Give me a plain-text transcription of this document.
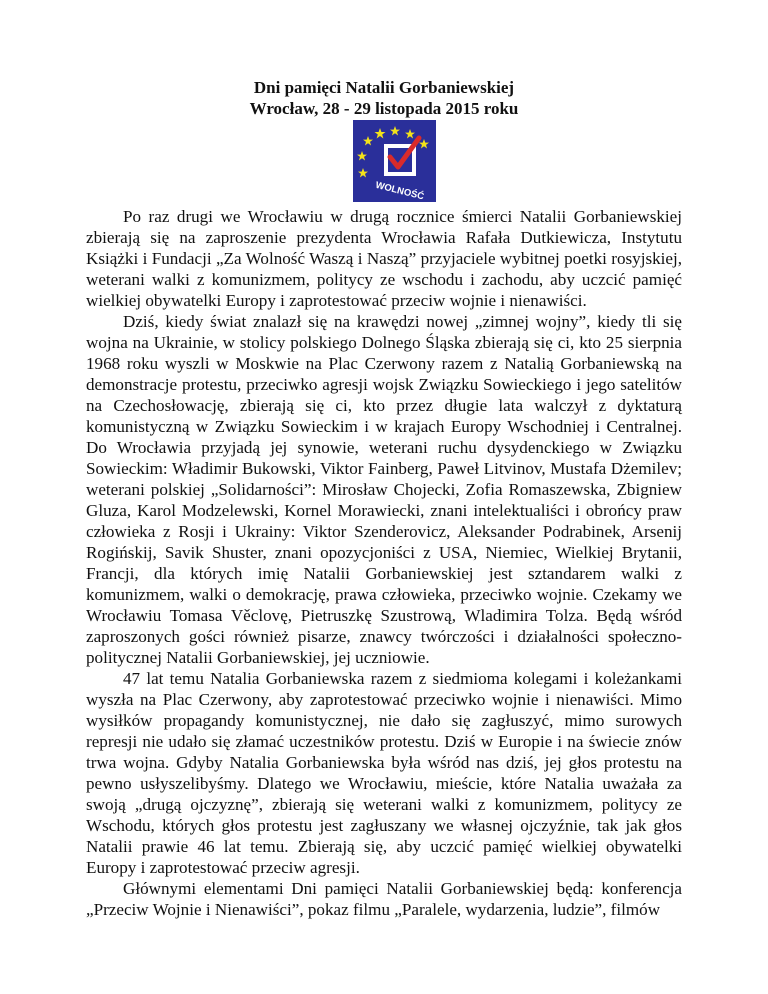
Dni pamięci Natalii Gorbaniewskiej
Wrocław, 28 - 29 listopada 2015 roku
WOLNOŚĆ

Po raz drugi we Wrocławiu w drugą rocznice śmierci Natalii Gorbaniewskiej zbierają się na zaproszenie prezydenta Wrocławia Rafała Dutkiewicza, Instytutu Książki i Fundacji „Za Wolność Waszą i Naszą” przyjaciele wybitnej poetki rosyjskiej, weterani walki z komunizmem, politycy ze wschodu i zachodu, aby uczcić pamięć wielkiej obywatelki Europy i zaprotestować przeciw wojnie i nienawiści.

Dziś, kiedy świat znalazł się na krawędzi nowej „zimnej wojny”, kiedy tli się wojna na Ukrainie, w stolicy polskiego Dolnego Śląska zbierają się ci, kto 25 sierpnia 1968 roku wyszli w Moskwie na Plac Czerwony razem z Natalią Gorbaniewską na demonstracje protestu, przeciwko agresji wojsk Związku Sowieckiego i jego satelitów na Czechosłowację, zbierają się ci, kto przez długie lata walczył z dyktaturą komunistyczną w Związku Sowieckim i w krajach Europy Wschodniej i Centralnej. Do Wrocławia przyjadą jej synowie, weterani ruchu dysydenckiego w Związku Sowieckim: Władimir Bukowski, Viktor Fainberg, Paweł Litvinov, Mustafa Dżemilev; weterani polskiej „Solidarności”: Mirosław Chojecki, Zofia Romaszewska, Zbigniew Gluza, Karol Modzelewski, Kornel Morawiecki, znani intelektualiści i obrońcy praw człowieka z Rosji i Ukrainy: Viktor Szenderovicz, Aleksander Podrabinek, Arsenij Rogińskij, Savik Shuster, znani opozycjoniści z USA, Niemiec, Wielkiej Brytanii, Francji, dla których imię Natalii Gorbaniewskiej jest sztandarem walki z komunizmem, walki o demokrację, prawa człowieka, przeciwko wojnie. Czekamy we Wrocławiu Tomasa Věclovę, Pietruszkę Szustrową, Wladimira Tolza. Będą wśród zaproszonych gości również pisarze, znawcy twórczości i działalności społeczno-politycznej Natalii Gorbaniewskiej, jej uczniowie.

47 lat temu Natalia Gorbaniewska razem z siedmioma kolegami i koleżankami wyszła na Plac Czerwony, aby zaprotestować przeciwko wojnie i nienawiści. Mimo wysiłków propagandy komunistycznej, nie dało się zagłuszyć, mimo surowych represji nie udało się złamać uczestników protestu. Dziś w Europie i na świecie znów trwa wojna. Gdyby Natalia Gorbaniewska była wśród nas dziś, jej głos protestu na pewno usłyszelibyśmy. Dlatego we Wrocławiu, mieście, które Natalia uważała za swoją „drugą ojczyznę”, zbierają się weterani walki z komunizmem, politycy ze Wschodu, których głos protestu jest zagłuszany we własnej ojczyźnie, tak jak głos Natalii prawie 46 lat temu. Zbierają się, aby uczcić pamięć wielkiej obywatelki Europy i zaprotestować przeciw agresji.

Głównymi elementami Dni pamięci Natalii Gorbaniewskiej będą: konferencja „Przeciw Wojnie i Nienawiści”, pokaz filmu „Paralele, wydarzenia, ludzie”, filmów
